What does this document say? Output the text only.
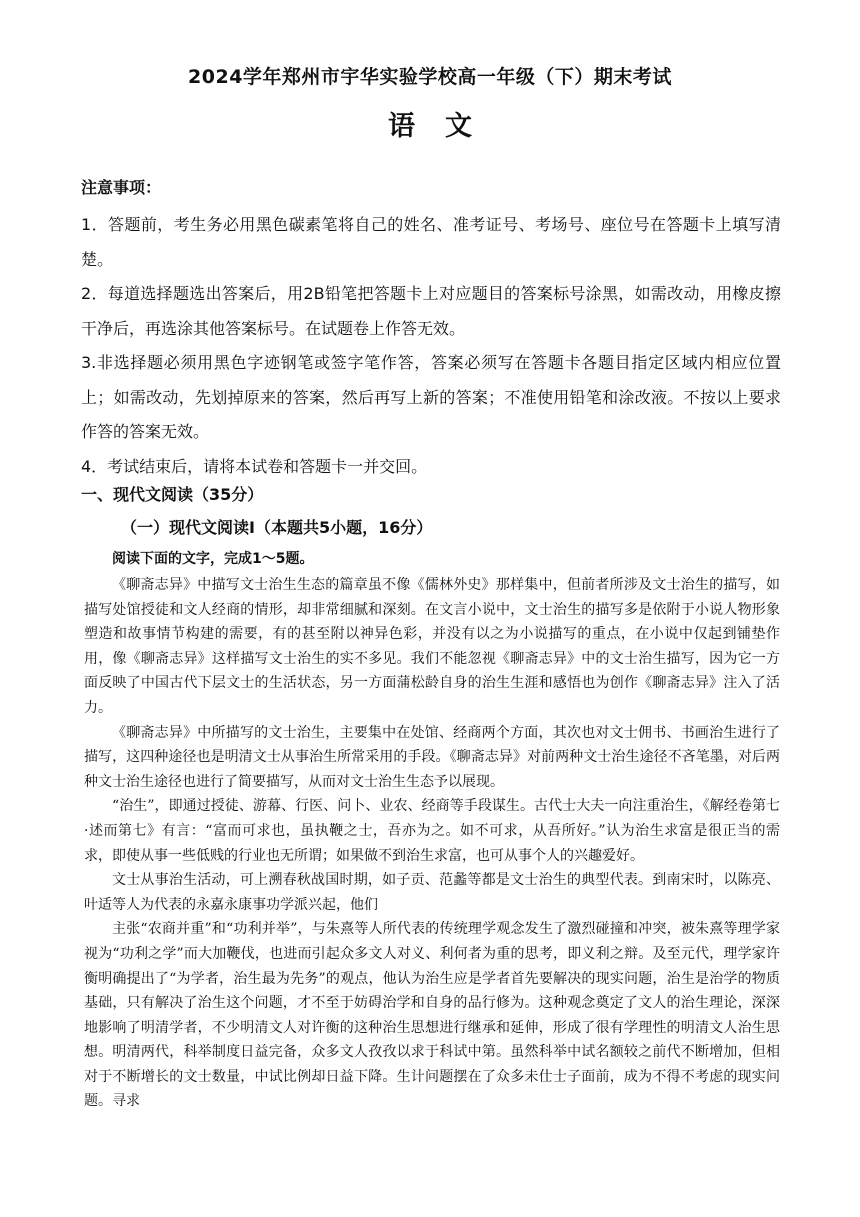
2024学年郑州市宇华实验学校高一年级（下）期末考试
语文
注意事项：

1．答题前，考生务必用黑色碳素笔将自己的姓名、准考证号、考场号、座位号在答题卡上填写清楚。

2．每道选择题选出答案后，用2B铅笔把答题卡上对应题目的答案标号涂黑，如需改动，用橡皮擦干净后，再选涂其他答案标号。在试题卷上作答无效。

3.非选择题必须用黑色字迹钢笔或签字笔作答，答案必须写在答题卡各题目指定区域内相应位置上；如需改动，先划掉原来的答案，然后再写上新的答案；不准使用铅笔和涂改液。不按以上要求作答的答案无效。

4．考试结束后，请将本试卷和答题卡一并交回。

一、现代文阅读（35分）
（一）现代文阅读Ⅰ（本题共5小题，16分）
阅读下面的文字，完成1～5题。

《聊斋志异》中描写文士治生生态的篇章虽不像《儒林外史》那样集中，但前者所涉及文士治生的描写，如描写处馆授徒和文人经商的情形，却非常细腻和深刻。在文言小说中，文士治生的描写多是依附于小说人物形象塑造和故事情节构建的需要，有的甚至附以神异色彩，并没有以之为小说描写的重点，在小说中仅起到铺垫作用，像《聊斋志异》这样描写文士治生的实不多见。我们不能忽视《聊斋志异》中的文士治生描写，因为它一方面反映了中国古代下层文士的生活状态，另一方面蒲松龄自身的治生生涯和感悟也为创作《聊斋志异》注入了活力。

《聊斋志异》中所描写的文士治生，主要集中在处馆、经商两个方面，其次也对文士佣书、书画治生进行了描写，这四种途径也是明清文士从事治生所常采用的手段。《聊斋志异》对前两种文士治生途径不吝笔墨，对后两种文士治生途径也进行了简要描写，从而对文士治生生态予以展现。

“治生”，即通过授徒、游幕、行医、问卜、业农、经商等手段谋生。古代士大夫一向注重治生，《解经卷第七·述而第七》有言：“富而可求也，虽执鞭之士，吾亦为之。如不可求，从吾所好。”认为治生求富是很正当的需求，即使从事一些低贱的行业也无所谓；如果做不到治生求富，也可从事个人的兴趣爱好。

文士从事治生活动，可上溯春秋战国时期，如子贡、范蠡等都是文士治生的典型代表。到南宋时，以陈亮、叶适等人为代表的永嘉永康事功学派兴起，他们

主张“农商并重”和“功利并举”，与朱熹等人所代表的传统理学观念发生了激烈碰撞和冲突，被朱熹等理学家视为“功利之学”而大加鞭伐，也进而引起众多文人对义、利何者为重的思考，即义利之辩。及至元代，理学家许衡明确提出了“为学者，治生最为先务”的观点，他认为治生应是学者首先要解决的现实问题，治生是治学的物质基础，只有解决了治生这个问题，才不至于妨碍治学和自身的品行修为。这种观念奠定了文人的治生理论，深深地影响了明清学者，不少明清文人对许衡的这种治生思想进行继承和延伸，形成了很有学理性的明清文人治生思想。明清两代，科举制度日益完备，众多文人孜孜以求于科试中第。虽然科举中试名额较之前代不断增加，但相对于不断增长的文士数量，中试比例却日益下降。生计问题摆在了众多未仕士子面前，成为不得不考虑的现实问题。寻求
